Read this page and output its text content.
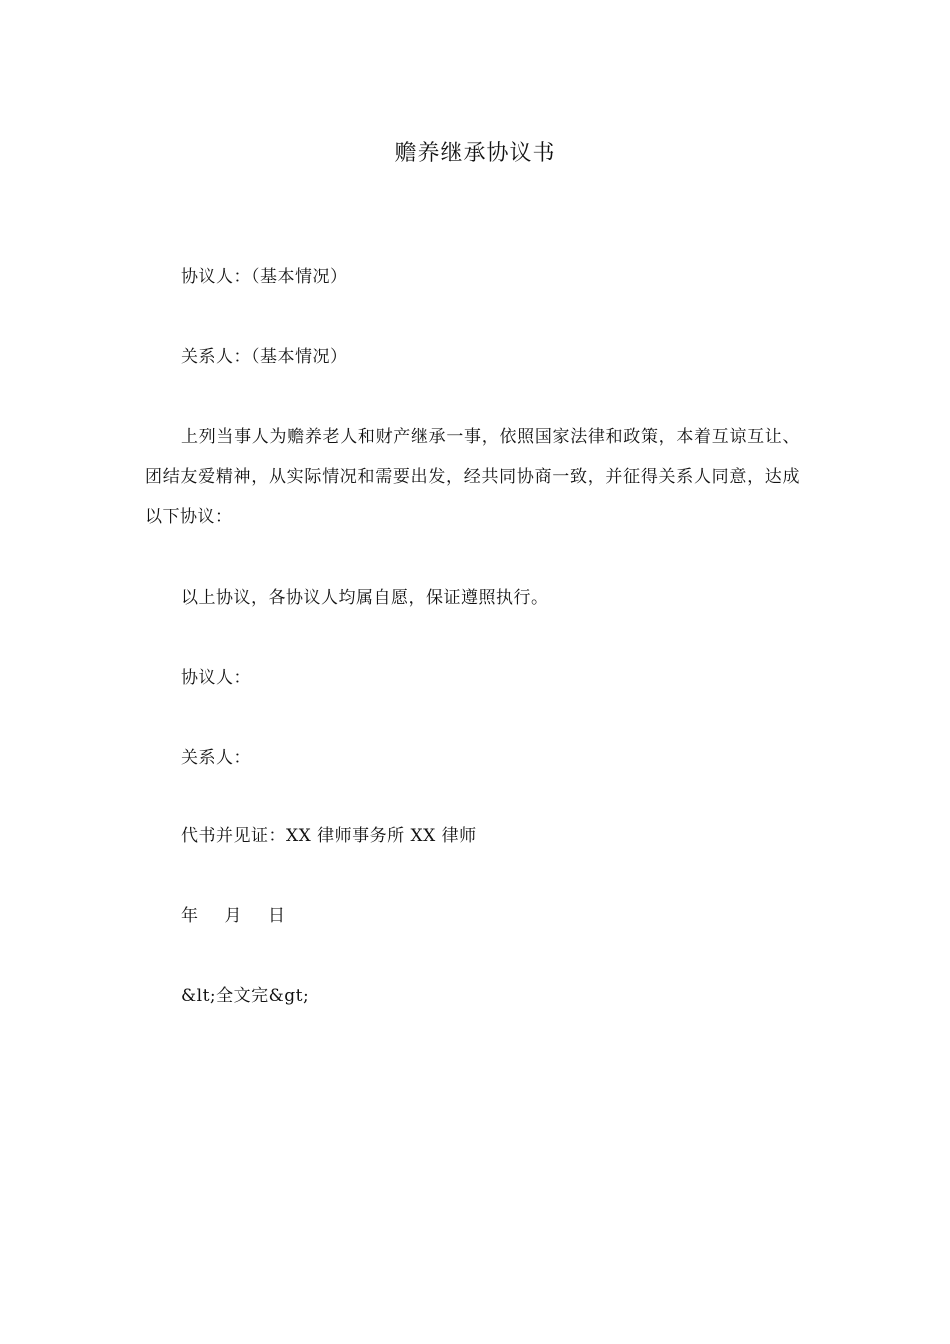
赡养继承协议书
协议人：（基本情况）
关系人：（基本情况）
上列当事人为赡养老人和财产继承一事，依照国家法律和政策，本着互谅互让、团结友爱精神，从实际情况和需要出发，经共同协商一致，并征得关系人同意，达成以下协议：
以上协议，各协议人均属自愿，保证遵照执行。
协议人：
关系人：
代书并见证：XX 律师事务所 XX 律师
年 月 日
&lt;全文完&gt;
